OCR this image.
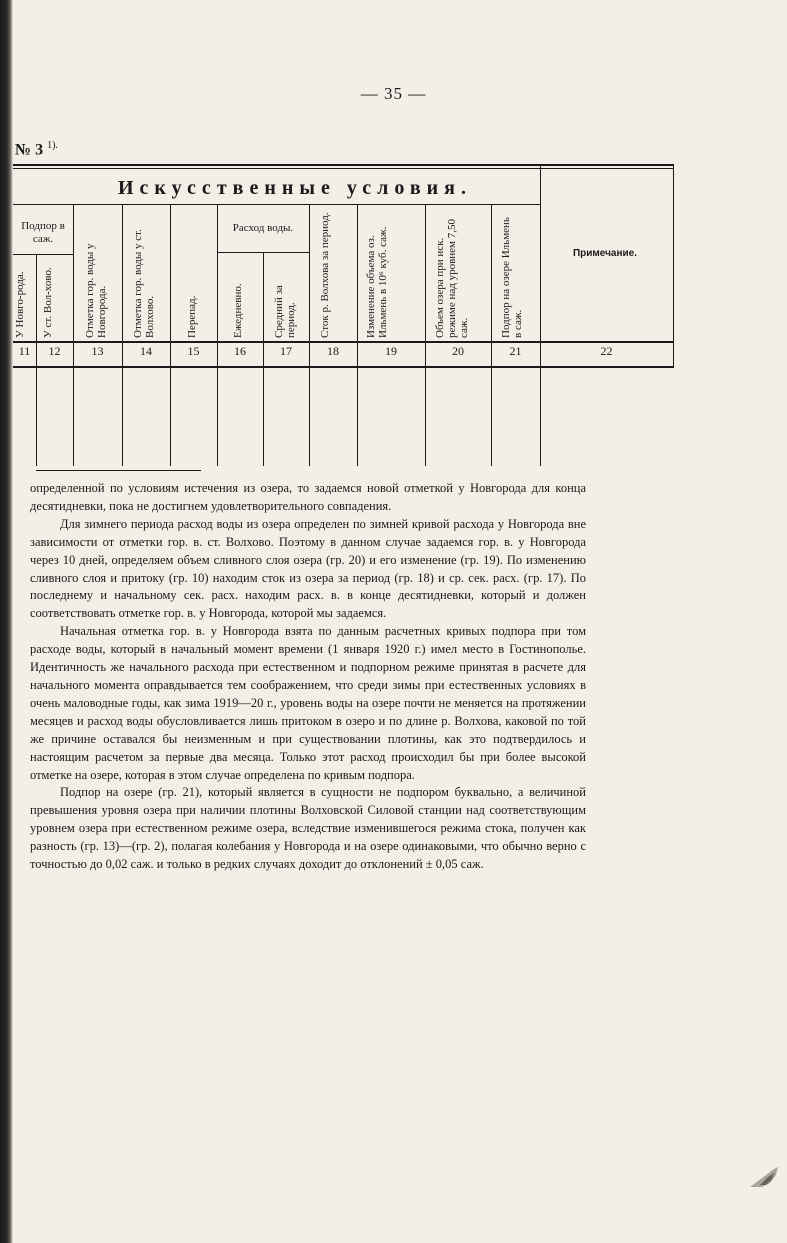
— 35 —
№ 3 $^{1).}$
Искусственные условия.
Подпор в саж.
Расход воды.
У Новго-рода.	У ст. Вол-хово.	Отметка гор. воды у Новгорода.	Отметка гор. воды у ст. Волхово.	Перепад.	Ежедневно.	Средний за период.	Сток р. Волхова за период.	Изменение объема оз. Ильмень в 10⁶ куб. саж.	Объем озера при иск. режиме над уровнем 7,50 саж.	Подпор на озере Ильмень в саж.
Примечание.
11	12	13	14	15	16	17	18	19	20	21	22

определенной по условиям истечения из озера, то задаемся новой отметкой у Новгорода для конца десятидневки, пока не достигнем удовлетворительного совпадения.

Для зимнего периода расход воды из озера определен по зимней кривой расхода у Новгорода вне зависимости от отметки гор. в. ст. Волхово. Поэтому в данном случае задаемся гор. в. у Новгорода через 10 дней, определяем объем сливного слоя озера (гр. 20) и его изменение (гр. 19). По изменению сливного слоя и притоку (гр. 10) находим сток из озера за период (гр. 18) и ср. сек. расх. (гр. 17). По последнему и начальному сек. расх. находим расх. в. в конце десятидневки, который и должен соответствовать отметке гор. в. у Новгорода, которой мы задаемся.

Начальная отметка гор. в. у Новгорода взята по данным расчетных кривых подпора при том расходе воды, который в начальный момент времени (1 января 1920 г.) имел место в Гостинополье. Идентичность же начального расхода при естественном и подпорном режиме принятая в расчете для начального момента оправдывается тем соображением, что среди зимы при естественных условиях в очень маловодные годы, как зима 1919—20 г., уровень воды на озере почти не меняется на протяжении месяцев и расход воды обусловливается лишь притоком в озеро и по длине р. Волхова, каковой по той же причине оставался бы неизменным и при существовании плотины, как это подтвердилось и настоящим расчетом за первые два месяца. Только этот расход происходил бы при более высокой отметке на озере, которая в этом случае определена по кривым подпора.

Подпор на озере (гр. 21), который является в сущности не подпором буквально, а величиной превышения уровня озера при наличии плотины Волховской Силовой станции над соответствующим уровнем озера при естественном режиме озера, вследствие изменившегося режима стока, получен как разность (гр. 13)—(гр. 2), полагая колебания у Новгорода и на озере одинаковыми, что обычно верно с точностью до 0,02 саж. и только в редких случаях доходит до отклонений ± 0,05 саж.
